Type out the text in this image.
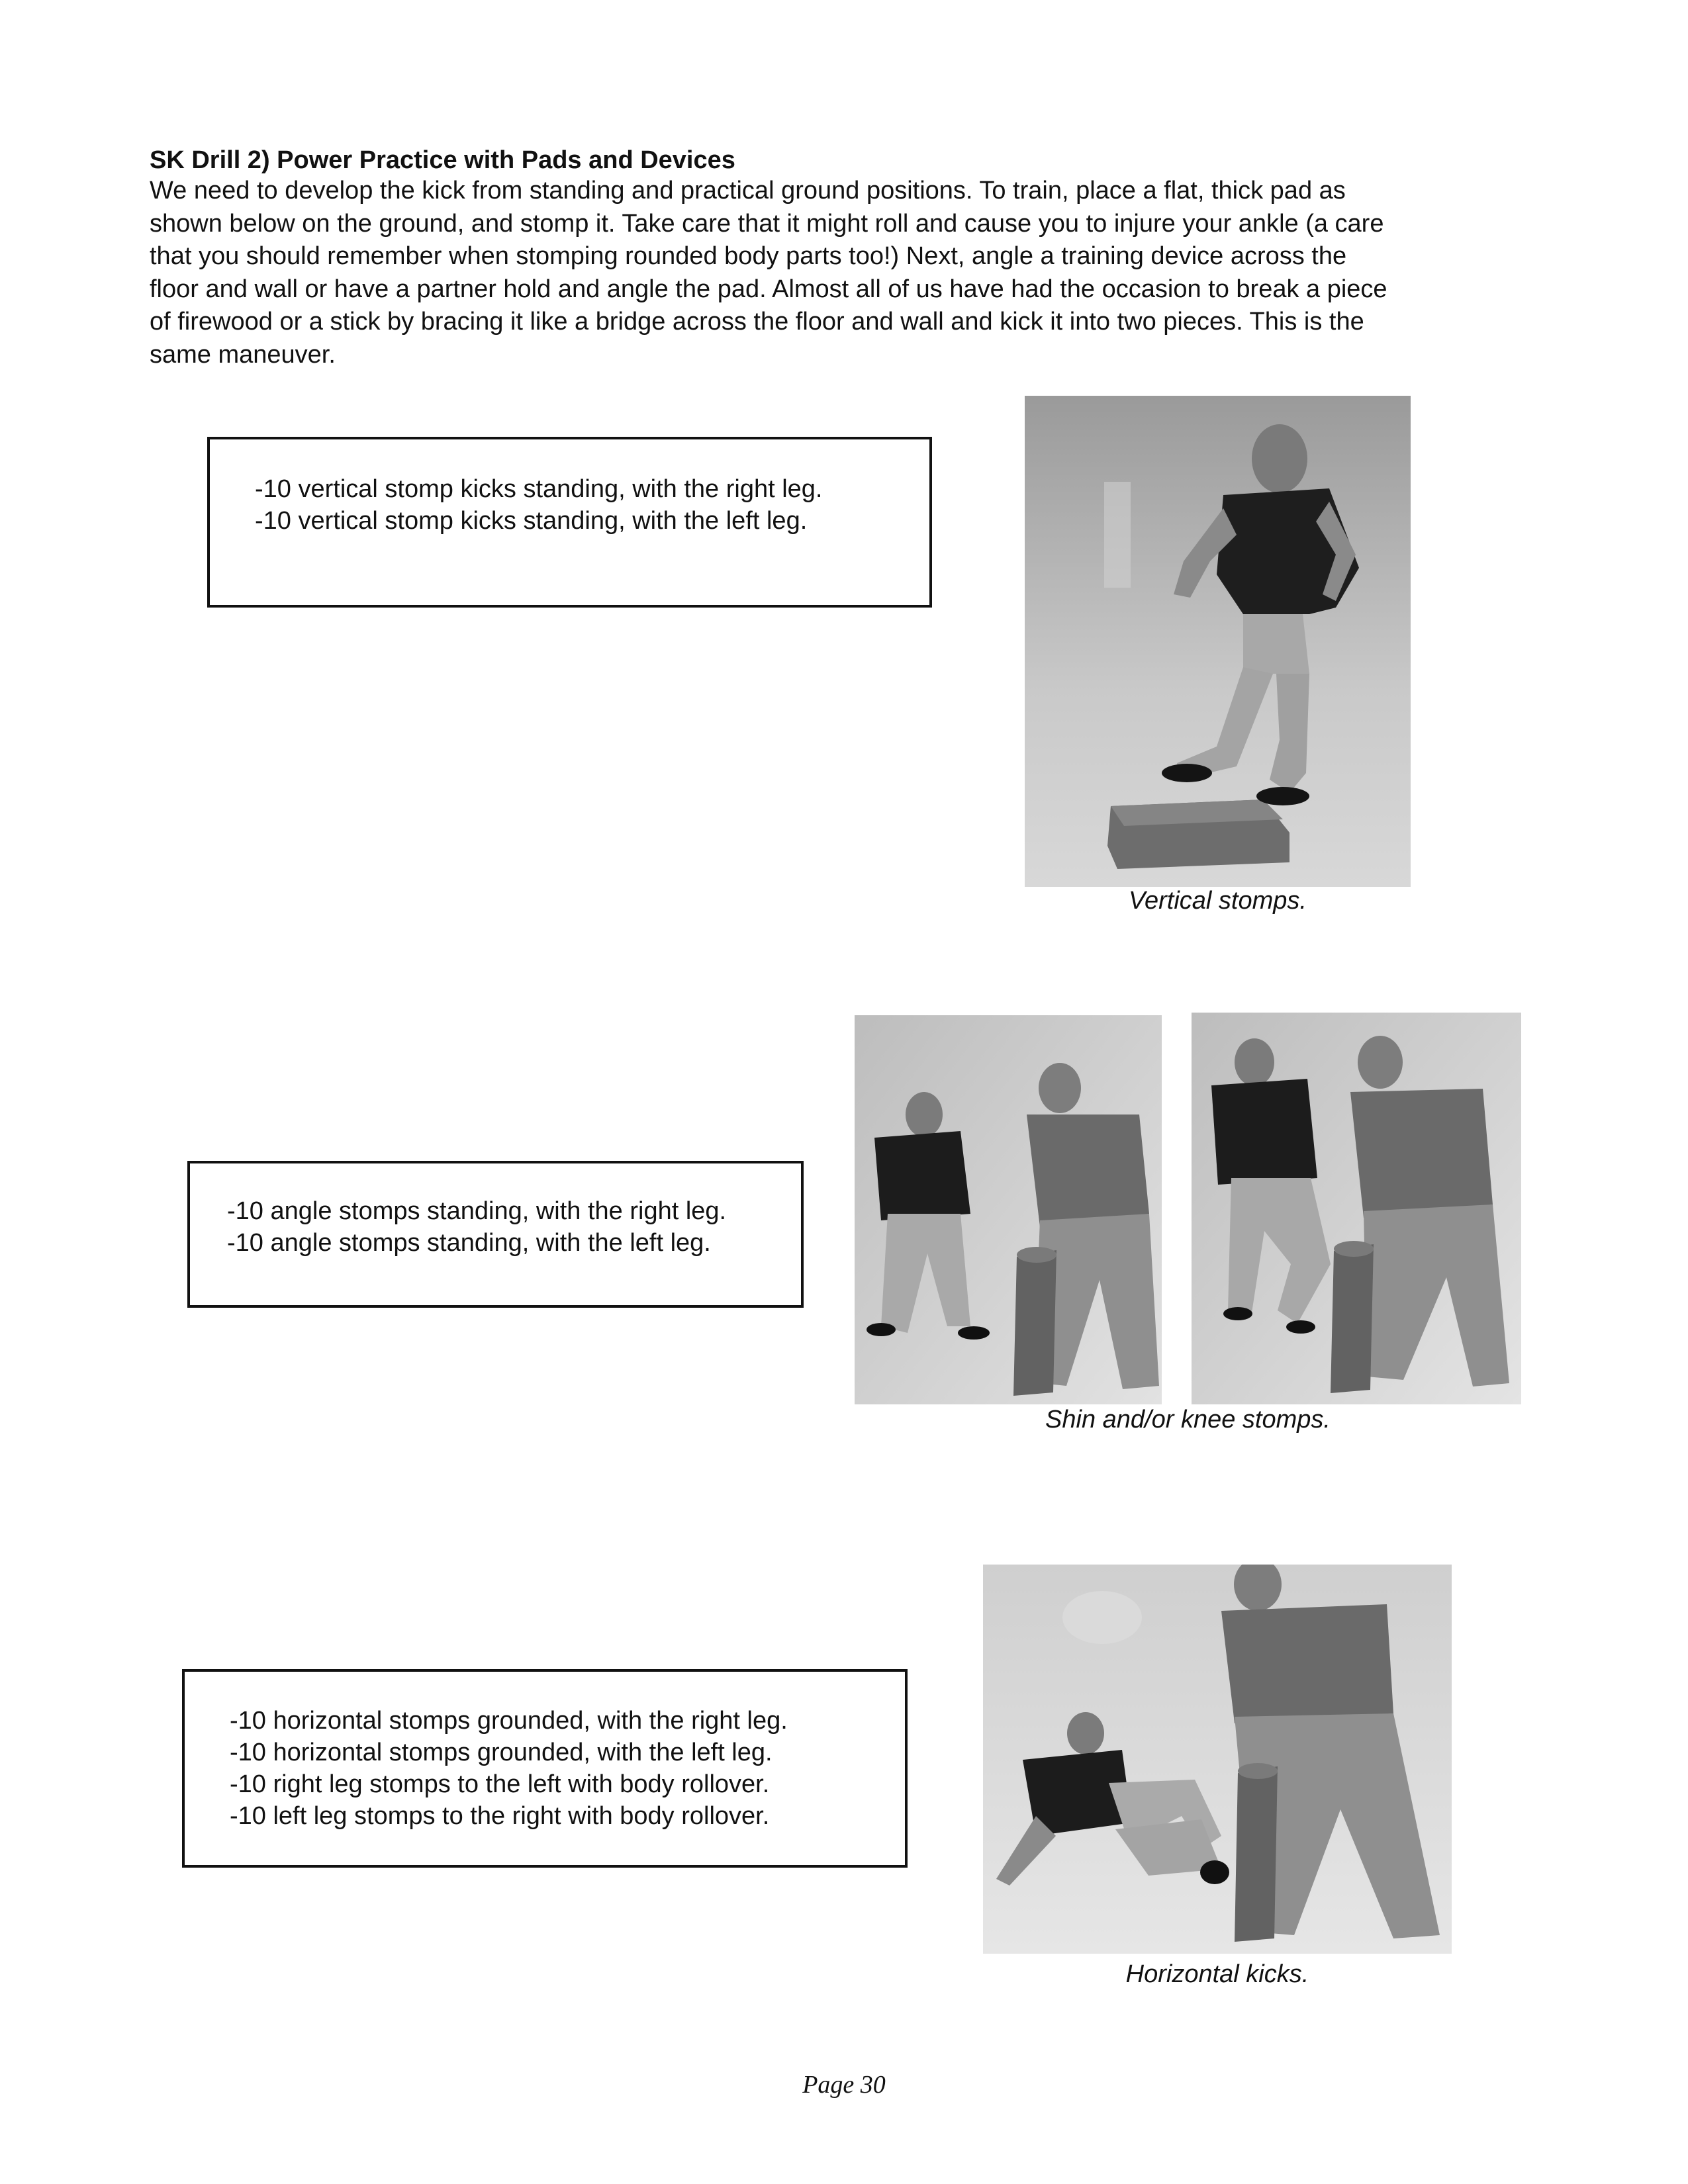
SK Drill 2) Power Practice with Pads and Devices
We need to develop the kick from standing and practical ground positions. To train, place a flat, thick pad as
shown below on the ground, and stomp it. Take care that it might roll and cause you to injure your ankle (a care
that you should remember when stomping rounded body parts too!) Next, angle a training device across the
floor and wall or have a partner hold and angle the pad. Almost all of us have had the occasion to break a piece
of firewood or a stick by bracing it like a bridge across the floor and wall and kick it into two pieces. This is the
same maneuver.
-10 vertical stomp kicks standing, with the right leg.
-10 vertical stomp kicks standing, with the left leg.
Vertical stomps.
-10 angle stomps standing, with the right leg.
-10 angle stomps standing, with the left leg.
Shin and/or knee stomps.
-10 horizontal stomps grounded, with the right leg.
-10 horizontal stomps grounded, with the left leg.
-10 right leg stomps to the left with body rollover.
-10 left leg stomps to the right with body rollover.
Horizontal kicks.
Page 30
